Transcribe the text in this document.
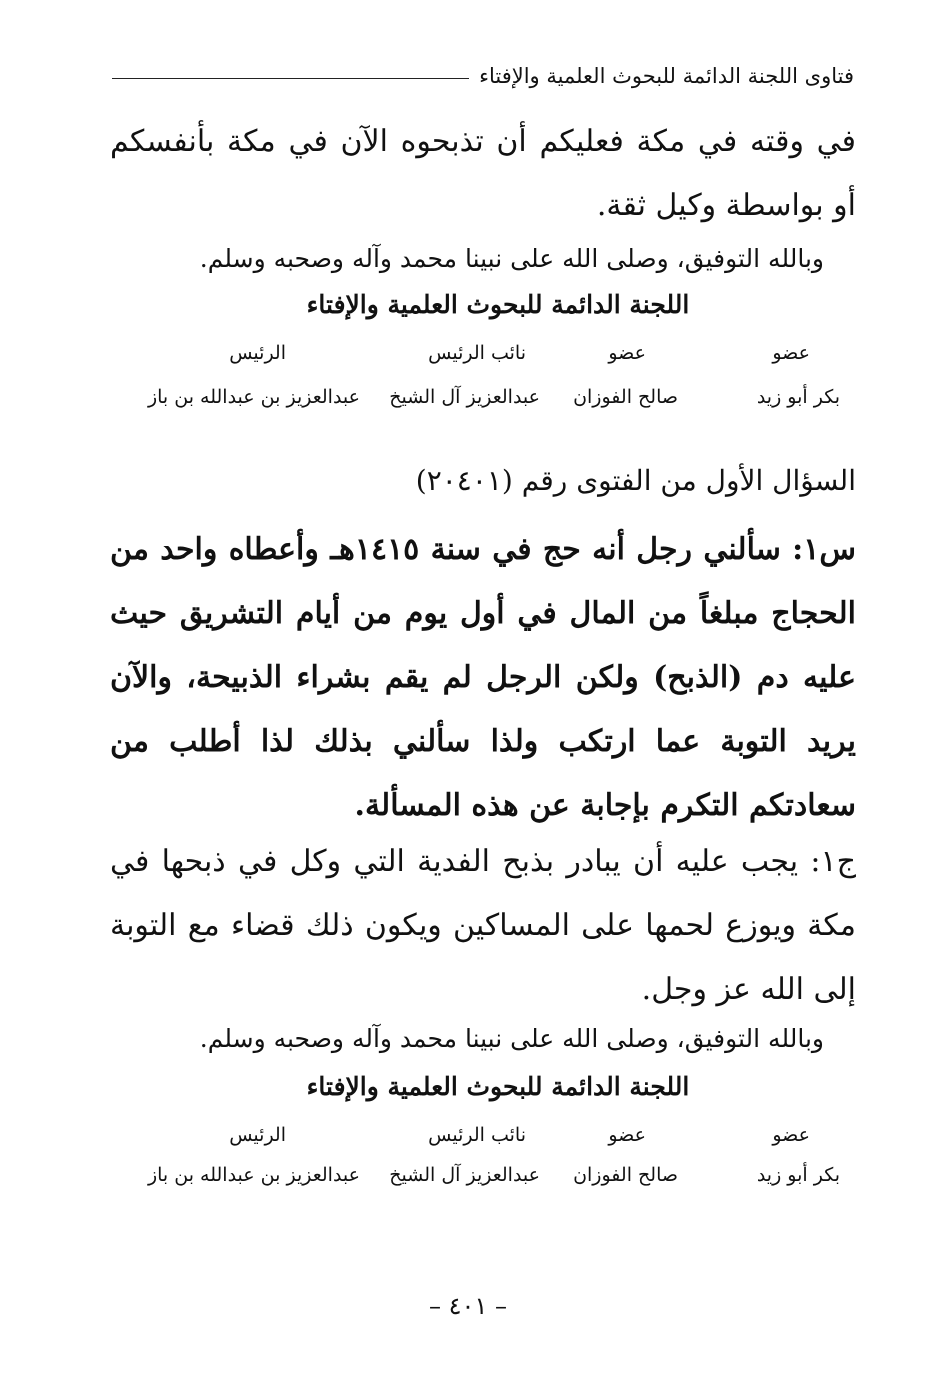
فتاوى اللجنة الدائمة للبحوث العلمية والإفتاء

في وقته في مكة فعليكم أن تذبحوه الآن في مكة بأنفسكم أو بواسطة وكيل ثقة.

وبالله التوفيق، وصلى الله على نبينا محمد وآله وصحبه وسلم.

اللجنة الدائمة للبحوث العلمية والإفتاء
عضو
عضو
نائب الرئيس
الرئيس
بكر أبو زيد
صالح الفوزان
عبدالعزيز آل الشيخ
عبدالعزيز بن عبدالله بن باز

السؤال الأول من الفتوى رقم (٢٠٤٠١)

س١: سألني رجل أنه حج في سنة ١٤١٥هـ وأعطاه واحد من الحجاج مبلغاً من المال في أول يوم من أيام التشريق حيث عليه دم (الذبح) ولكن الرجل لم يقم بشراء الذبيحة، والآن يريد التوبة عما ارتكب ولذا سألني بذلك لذا أطلب من سعادتكم التكرم بإجابة عن هذه المسألة.

ج١: يجب عليه أن يبادر بذبح الفدية التي وكل في ذبحها في مكة ويوزع لحمها على المساكين ويكون ذلك قضاء مع التوبة إلى الله عز وجل.

وبالله التوفيق، وصلى الله على نبينا محمد وآله وصحبه وسلم.

اللجنة الدائمة للبحوث العلمية والإفتاء
عضو
عضو
نائب الرئيس
الرئيس
بكر أبو زيد
صالح الفوزان
عبدالعزيز آل الشيخ
عبدالعزيز بن عبدالله بن باز
– ٤٠١ –
